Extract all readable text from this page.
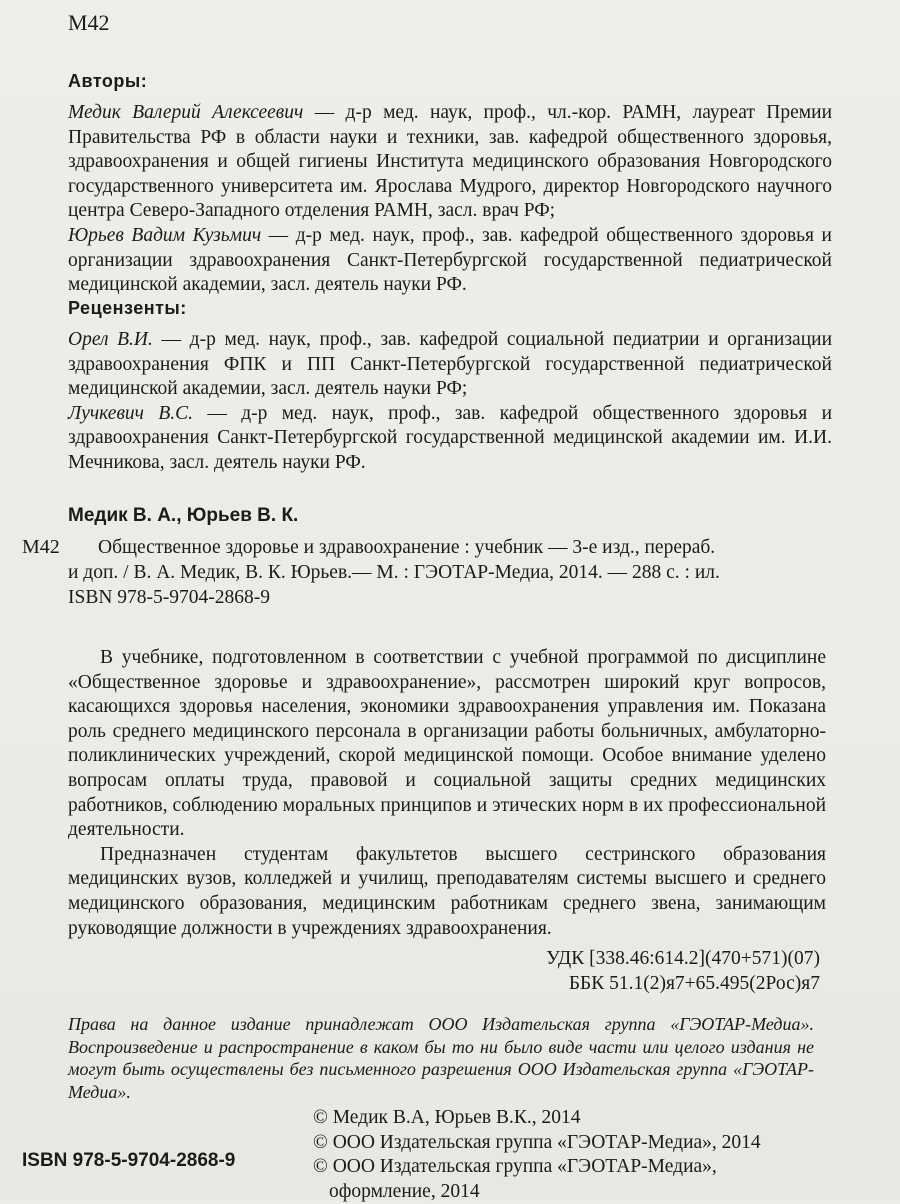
M42
Авторы:
Медик Валерий Алексеевич — д-р мед. наук, проф., чл.-кор. РАМН, лауреат Премии Правительства РФ в области науки и техники, зав. кафедрой общественного здоровья, здравоохранения и общей гигиены Института медицинского образования Новгородского государственного университета им. Ярослава Мудрого, директор Новгородского научного центра Северо-Западного отделения РАМН, засл. врач РФ;
Юрьев Вадим Кузьмич — д-р мед. наук, проф., зав. кафедрой общественного здоровья и организации здравоохранения Санкт-Петербургской государственной педиатрической медицинской академии, засл. деятель науки РФ.
Рецензенты:
Орел В.И. — д-р мед. наук, проф., зав. кафедрой социальной педиатрии и организации здравоохранения ФПК и ПП Санкт-Петербургской государственной педиатрической медицинской академии, засл. деятель науки РФ;
Лучкевич В.С. — д-р мед. наук, проф., зав. кафедрой общественного здоровья и здравоохранения Санкт-Петербургской государственной медицинской академии им. И.И. Мечникова, засл. деятель науки РФ.
Медик В. А., Юрьев В. К.
M42 Общественное здоровье и здравоохранение : учебник — 3-е изд., перераб.
и доп. / В. А. Медик, В. К. Юрьев.— М. : ГЭОТАР-Медиа, 2014. — 288 с. : ил.
ISBN 978-5-9704-2868-9
В учебнике, подготовленном в соответствии с учебной программой по дисциплине «Общественное здоровье и здравоохранение», рассмотрен широкий круг вопросов, касающихся здоровья населения, экономики здравоохранения управления им. Показана роль среднего медицинского персонала в организации работы больничных, амбулаторно-поликлинических учреждений, скорой медицинской помощи. Особое внимание уделено вопросам оплаты труда, правовой и социальной защиты средних медицинских работников, соблюдению моральных принципов и этических норм в их профессиональной деятельности.
Предназначен студентам факультетов высшего сестринского образования медицинских вузов, колледжей и училищ, преподавателям системы высшего и среднего медицинского образования, медицинским работникам среднего звена, занимающим руководящие должности в учреждениях здравоохранения.
УДК [338.46:614.2](470+571)(07)
ББК 51.1(2)я7+65.495(2Рос)я7
Права на данное издание принадлежат ООО Издательская группа «ГЭОТАР-Медиа». Воспроизведение и распространение в каком бы то ни было виде части или целого издания не могут быть осуществлены без письменного разрешения ООО Издательская группа «ГЭОТАР-Медиа».
ISBN 978-5-9704-2868-9
© Медик В.А, Юрьев В.К., 2014
© ООО Издательская группа «ГЭОТАР-Медиа», 2014
© ООО Издательская группа «ГЭОТАР-Медиа»,
оформление, 2014
